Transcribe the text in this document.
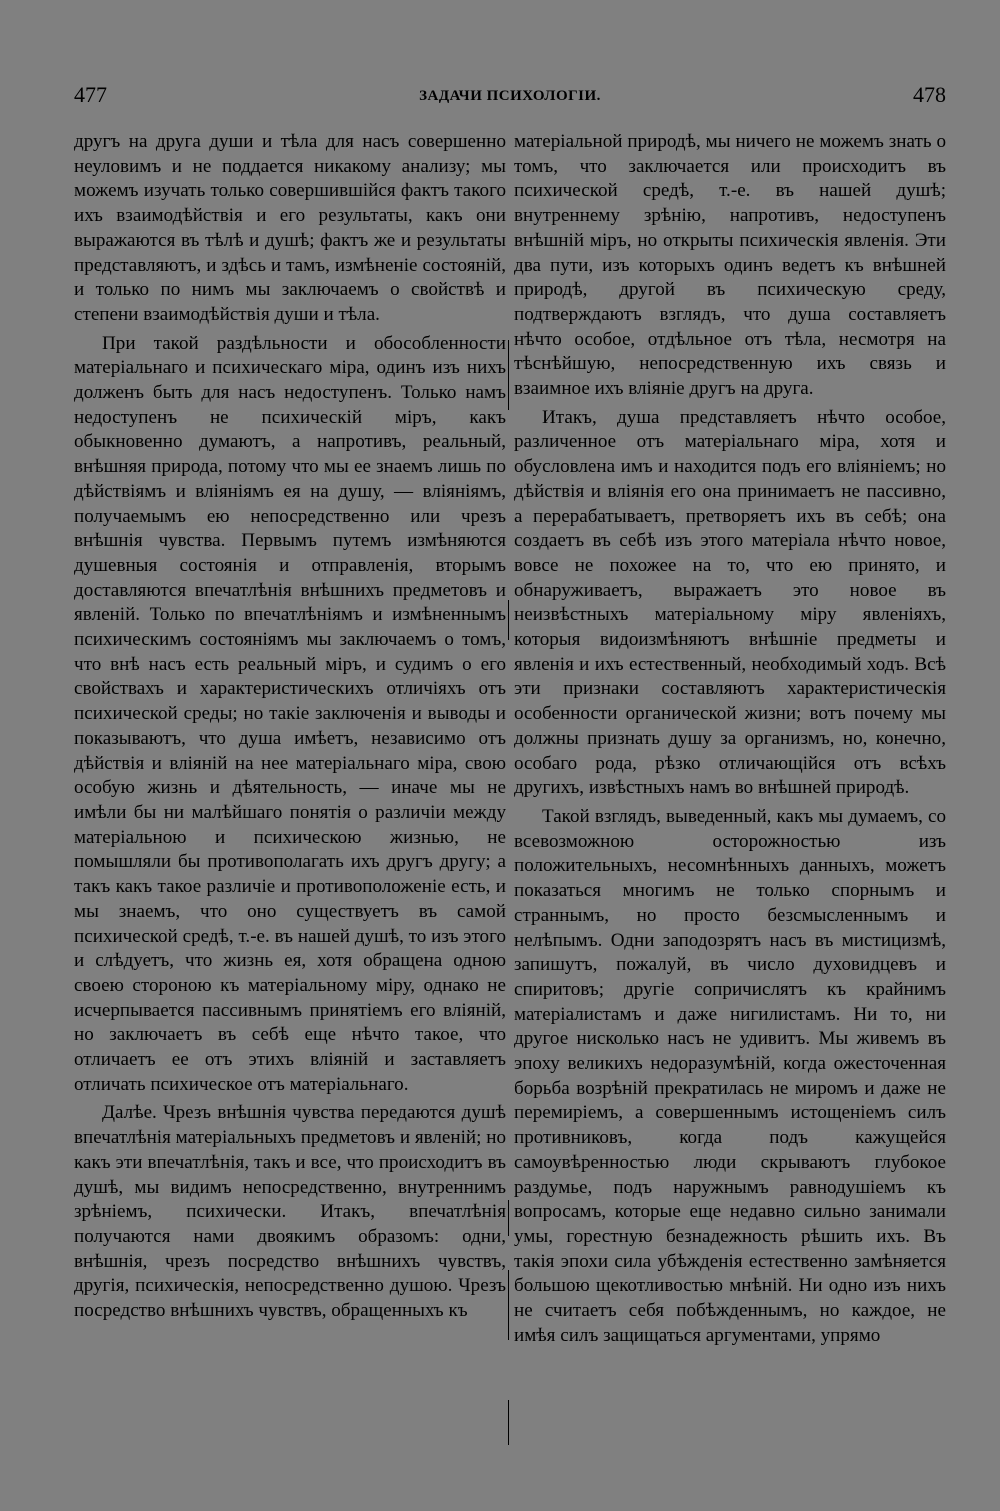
477	ЗАДАЧИ ПСИХОЛОГІИ.	478

другъ на друга души и тѣла для насъ совершенно неуловимъ и не поддается никакому анализу; мы можемъ изучать только совершившійся фактъ такого ихъ взаимодѣйствія и его результаты, какъ они выражаются въ тѣлѣ и душѣ; фактъ же и результаты представляютъ, и здѣсь и тамъ, измѣненіе состояній, и только по нимъ мы заключаемъ о свойствѣ и степени взаимодѣйствія души и тѣла.

При такой раздѣльности и обособленности матеріальнаго и психическаго міра, одинъ изъ нихъ долженъ быть для насъ недоступенъ. Только намъ недоступенъ не психическій міръ, какъ обыкновенно думаютъ, а напротивъ, реальный, внѣшняя природа, потому что мы ее знаемъ лишь по дѣйствіямъ и вліяніямъ ея на душу, — вліяніямъ, получаемымъ ею непосредственно или чрезъ внѣшнія чувства. Первымъ путемъ измѣняются душевныя состоянія и отправленія, вторымъ доставляются впечатлѣнія внѣшнихъ предметовъ и явленій. Только по впечатлѣніямъ и измѣненнымъ психическимъ состояніямъ мы заключаемъ о томъ, что внѣ насъ есть реальный міръ, и судимъ о его свойствахъ и характеристическихъ отличіяхъ отъ психической среды; но такіе заключенія и выводы и показываютъ, что душа имѣетъ, независимо отъ дѣйствія и вліяній на нее матеріальнаго міра, свою особую жизнь и дѣятельность, — иначе мы не имѣли бы ни малѣйшаго понятія о различіи между матеріальною и психическою жизнью, не помышляли бы противополагать ихъ другъ другу; а такъ какъ такое различіе и противоположеніе есть, и мы знаемъ, что оно существуетъ въ самой психической средѣ, т.-е. въ нашей душѣ, то изъ этого и слѣдуетъ, что жизнь ея, хотя обращена одною своею стороною къ матеріальному міру, однако не исчерпывается пассивнымъ принятіемъ его вліяній, но заключаетъ въ себѣ еще нѣчто такое, что отличаетъ ее отъ этихъ вліяній и заставляетъ отличать психическое отъ матеріальнаго.

Далѣе. Чрезъ внѣшнія чувства передаются душѣ впечатлѣнія матеріальныхъ предметовъ и явленій; но какъ эти впечатлѣнія, такъ и все, что происходитъ въ душѣ, мы видимъ непосредственно, внутреннимъ зрѣніемъ, психически. Итакъ, впечатлѣнія получаются нами двоякимъ образомъ: одни, внѣшнія, чрезъ посредство внѣшнихъ чувствъ, другія, психическія, непосредственно душою. Чрезъ посредство внѣшнихъ чувствъ, обращенныхъ къ

матеріальной природѣ, мы ничего не можемъ знать о томъ, что заключается или происходитъ въ психической средѣ, т.-е. въ нашей душѣ; внутреннему зрѣнію, напротивъ, недоступенъ внѣшній міръ, но открыты психическія явленія. Эти два пути, изъ которыхъ одинъ ведетъ къ внѣшней природѣ, другой въ психическую среду, подтверждаютъ взглядъ, что душа составляетъ нѣчто особое, отдѣльное отъ тѣла, несмотря на тѣснѣйшую, непосредственную ихъ связь и взаимное ихъ вліяніе другъ на друга.

Итакъ, душа представляетъ нѣчто особое, различенное отъ матеріальнаго міра, хотя и обусловлена имъ и находится подъ его вліяніемъ; но дѣйствія и вліянія его она принимаетъ не пассивно, а перерабатываетъ, претворяетъ ихъ въ себѣ; она создаетъ въ себѣ изъ этого матеріала нѣчто новое, вовсе не похожее на то, что ею принято, и обнаруживаетъ, выражаетъ это новое въ неизвѣстныхъ матеріальному міру явленіяхъ, которыя видоизмѣняютъ внѣшніе предметы и явленія и ихъ естественный, необходимый ходъ. Всѣ эти признаки составляютъ характеристическія особенности органической жизни; вотъ почему мы должны признать душу за организмъ, но, конечно, особаго рода, рѣзко отличающійся отъ всѣхъ другихъ, извѣстныхъ намъ во внѣшней природѣ.

Такой взглядъ, выведенный, какъ мы думаемъ, со всевозможною осторожностью изъ положительныхъ, несомнѣнныхъ данныхъ, можетъ показаться многимъ не только спорнымъ и страннымъ, но просто безсмысленнымъ и нелѣпымъ. Одни заподозрятъ насъ въ мистицизмѣ, запишутъ, пожалуй, въ число духовидцевъ и спиритовъ; другіе сопричислятъ къ крайнимъ матеріалистамъ и даже нигилистамъ. Ни то, ни другое нисколько насъ не удивитъ. Мы живемъ въ эпоху великихъ недоразумѣній, когда ожесточенная борьба возрѣній прекратилась не миромъ и даже не перемиріемъ, а совершеннымъ истощеніемъ силъ противниковъ, когда подъ кажущейся самоувѣренностью люди скрываютъ глубокое раздумье, подъ наружнымъ равнодушіемъ къ вопросамъ, которые еще недавно сильно занимали умы, горестную безнадежность рѣшить ихъ. Въ такія эпохи сила убѣжденія естественно замѣняется большою щекотливостью мнѣній. Ни одно изъ нихъ не считаетъ себя побѣжденнымъ, но каждое, не имѣя силъ защищаться аргументами, упрямо
